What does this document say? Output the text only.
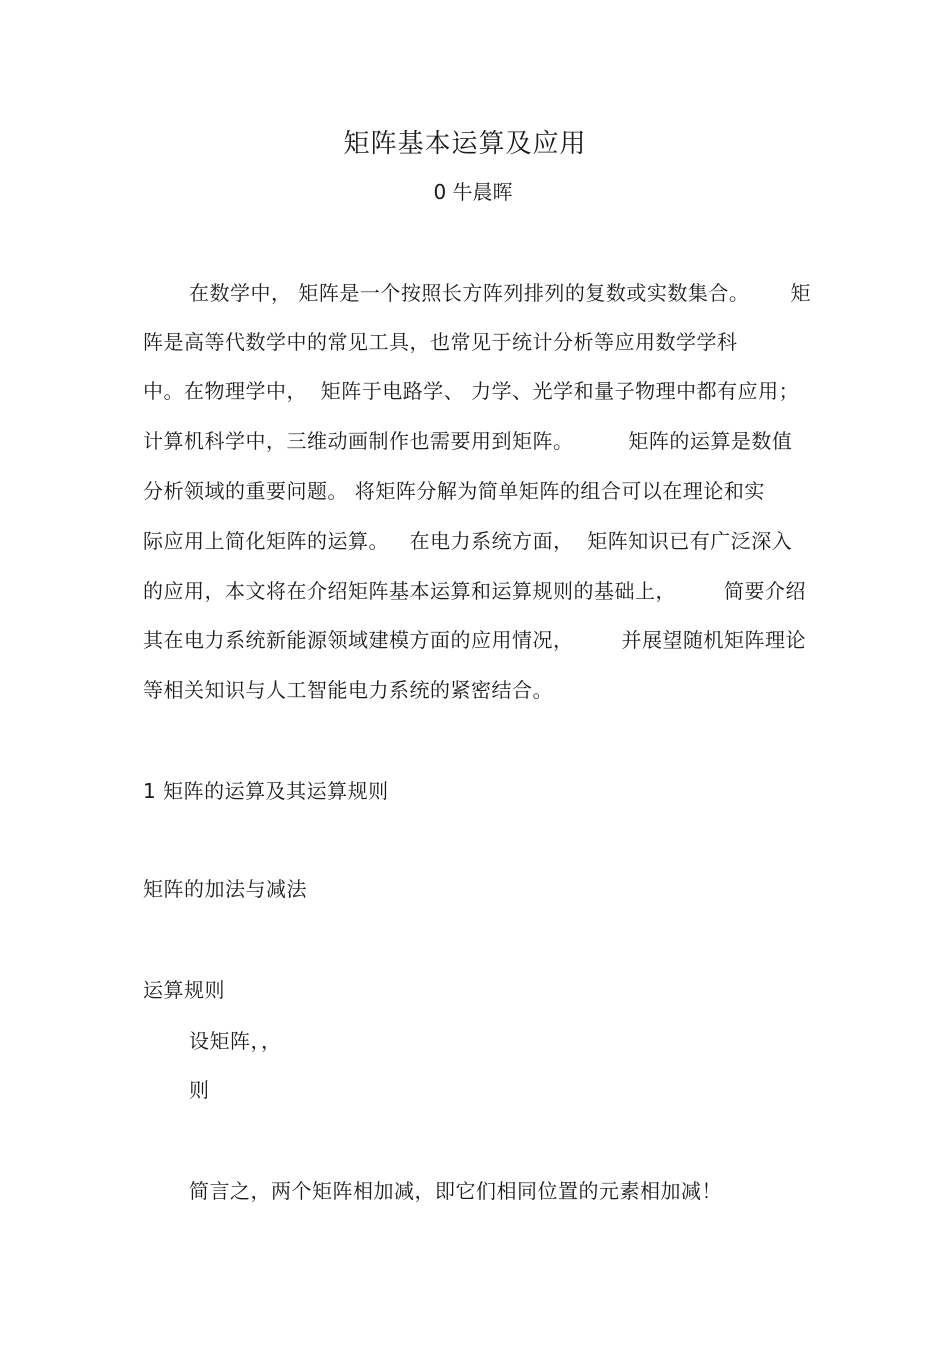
矩阵基本运算及应用
0 牛晨晖
在数学中， 矩阵是一个按照长方阵列排列的复数或实数集合。      矩
阵是高等代数学中的常见工具，也常见于统计分析等应用数学学科
中。在物理学中，  矩阵于电路学、 力学、光学和量子物理中都有应用；
计算机科学中，三维动画制作也需要用到矩阵。        矩阵的运算是数值
分析领域的重要问题。 将矩阵分解为简单矩阵的组合可以在理论和实
际应用上简化矩阵的运算。   在电力系统方面，  矩阵知识已有广泛深入
的应用，本文将在介绍矩阵基本运算和运算规则的基础上，       简要介绍
其在电力系统新能源领域建模方面的应用情况，       并展望随机矩阵理论
等相关知识与人工智能电力系统的紧密结合。
1 矩阵的运算及其运算规则
矩阵的加法与减法
运算规则
设矩阵，，
则
简言之，两个矩阵相加减，即它们相同位置的元素相加减！
